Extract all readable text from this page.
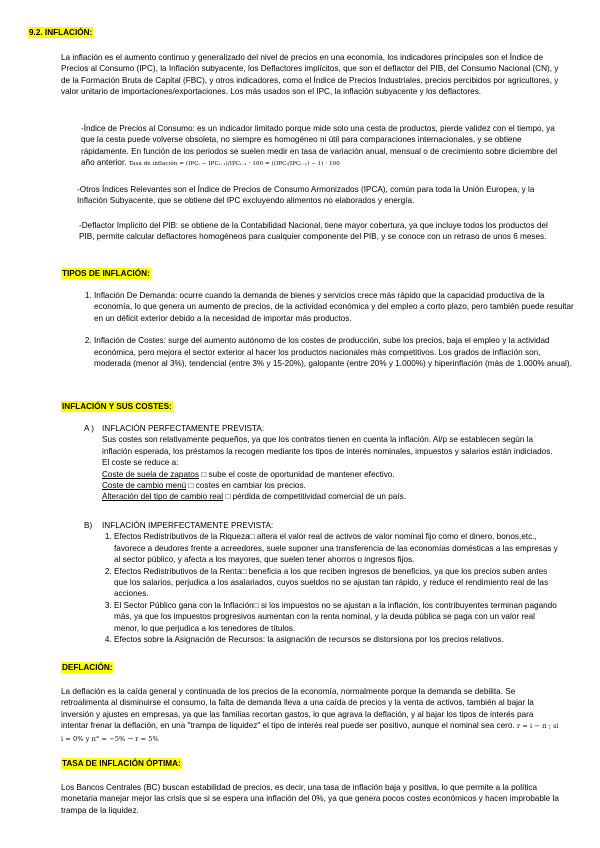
9.2. INFLACIÓN:

La inflación es el aumento continuo y generalizado del nivel de precios en una economía, los indicadores principales son el Índice de Precios al Consumo (IPC), la Inflación subyacente, los Deflactores implícitos, que son el deflactor del PIB, del Consumo Nacional (CN), y de la Formación Bruta de Capital (FBC), y otros indicadores, como el Índice de Precios Industriales, precios percibidos por agricultores, y valor unitario de importaciones/exportaciones. Los más usados son el IPC, la inflación subyacente y los deflactores.

-Índice de Precios al Consumo: es un indicador limitado porque mide solo una cesta de productos, pierde validez con el tiempo, ya que la cesta puede volverse obsoleta, no siempre es homogéneo ni útil para comparaciones internacionales, y se obtiene rápidamente. En función de los periodos se suelen medir en tasa de variación anual, mensual o de crecimiento sobre diciembre del año anterior. Tasa de inflación = (IPCₜ − IPCₜ₋₁)/IPCₜ₋₁ · 100 = ((IPCₜ/IPCₜ₋₁) − 1) · 100

-Otros Índices Relevantes son el Índice de Precios de Consumo Armonizados (IPCA), común para toda la Unión Europea, y la Inflación Subyacente, que se obtiene del IPC excluyendo alimentos no elaborados y energía.

-Deflactor Implícito del PIB: se obtiene de la Contabilidad Nacional, tiene mayor cobertura, ya que incluye todos los productos del PIB, permite calcular deflactores homogéneos para cualquier componente del PIB, y se conoce con un retraso de unos 6 meses.

TIPOS DE INFLACIÓN:
1. Inflación De Demanda: ocurre cuando la demanda de bienes y servicios crece más rápido que la capacidad productiva de la economía, lo que genera un aumento de precios, de la actividad económica y del empleo a corto plazo, pero también puede resultar en un déficit exterior debido a la necesidad de importar más productos.
2. Inflación de Costes: surge del aumento autónomo de los costes de producción, sube los precios, baja el empleo y la actividad económica, pero mejora el sector exterior al hacer los productos nacionales más competitivos. Los grados de inflación son, moderada (menor al 3%), tendencial (entre 3% y 15-20%), galopante (entre 20% y 1.000%) y hiperinflación (más de 1.000% anual).
INFLACIÓN Y SUS COSTES:
A ) INFLACIÓN PERFECTAMENTE PREVISTA:

Sus costes son relativamente pequeños, ya que los contratos tienen en cuenta la inflación. Al/p se establecen según la inflación esperada, los préstamos la recogen mediante los tipos de interés nominales, impuestos y salarios están indiciados. El coste se reduce a:

Coste de suela de zapatos □ sube el coste de oportunidad de mantener efectivo.
Coste de cambio menú □ costes en cambiar los precios.
Alteración del tipo de cambio real □ pérdida de competitividad comercial de un país.
B)	INFLACIÓN IMPERFECTAMENTE PREVISTA:
1. Efectos Redistributivos de la Riqueza□ altera el valor real de activos de valor nominal fijo como el dinero, bonos,etc., favorece a deudores frente a acreedores, suele suponer una transferencia de las economías domésticas a las empresas y al sector público, y afecta a los mayores, que suelen tener ahorros o ingresos fijos.
2. Efectos Redistributivos de la Renta□ beneficia a los que reciben ingresos de beneficios, ya que los precios suben antes que los salarios, perjudica a los asalariados, cuyos sueldos no se ajustan tan rápido, y reduce el rendimiento real de las acciones.
3. El Sector Público gana con la Inflación□ si los impuestos no se ajustan a la inflación, los contribuyentes terminan pagando más, ya que los impuestos progresivos aumentan con la renta nominal, y la deuda pública se paga con un valor real menor, lo que perjudica a los tenedores de títulos.
4. Efectos sobre la Asignación de Recursos: la asignación de recursos se distorsiona por los precios relativos.
DEFLACIÓN:
La deflación es la caída general y continuada de los precios de la economía, normalmente porque la demanda se debilita. Se retroalimenta al disminuirse el consumo, la falta de demanda lleva a una caída de precios y la venta de activos, también al bajar la inversión y ajustes en empresas, ya que las familias recortan gastos, lo que agrava la deflación, y al bajar los tipos de interés para intentar frenar la deflación, en una "trampa de liquidez" el tipo de interés real puede ser positivo, aunque el nominal sea cero. r = i − π ; si i = 0% y π° = −5% → r = 5%
TASA DE INFLACIÓN ÓPTIMA:

Los Bancos Centrales (BC) buscan estabilidad de precios, es decir, una tasa de inflación baja y positiva, lo que permite a la política monetaria manejar mejor las crisis que si se espera una inflación del 0%, ya que genera pocos costes económicos y hacen improbable la trampa de la liquidez.
